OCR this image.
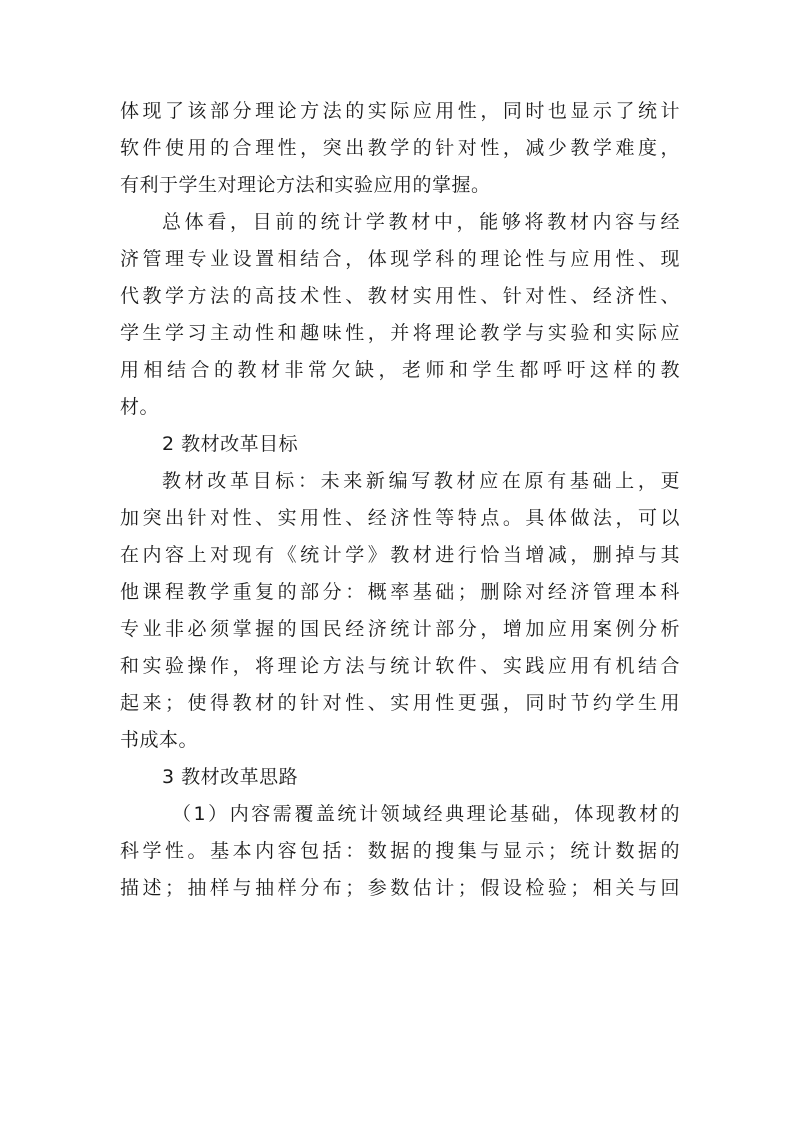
体现了该部分理论方法的实际应用性，同时也显示了统计
软件使用的合理性，突出教学的针对性，减少教学难度，
有利于学生对理论方法和实验应用的掌握。
总体看，目前的统计学教材中，能够将教材内容与经
济管理专业设置相结合，体现学科的理论性与应用性、现
代教学方法的高技术性、教材实用性、针对性、经济性、
学生学习主动性和趣味性，并将理论教学与实验和实际应
用相结合的教材非常欠缺，老师和学生都呼吁这样的教
材。
2 教材改革目标
教材改革目标：未来新编写教材应在原有基础上，更
加突出针对性、实用性、经济性等特点。具体做法，可以
在内容上对现有《统计学》教材进行恰当增减，删掉与其
他课程教学重复的部分：概率基础；删除对经济管理本科
专业非必须掌握的国民经济统计部分，增加应用案例分析
和实验操作，将理论方法与统计软件、实践应用有机结合
起来；使得教材的针对性、实用性更强，同时节约学生用
书成本。
3 教材改革思路
（1）内容需覆盖统计领域经典理论基础，体现教材的
科学性。基本内容包括：数据的搜集与显示；统计数据的
描述；抽样与抽样分布；参数估计；假设检验；相关与回
